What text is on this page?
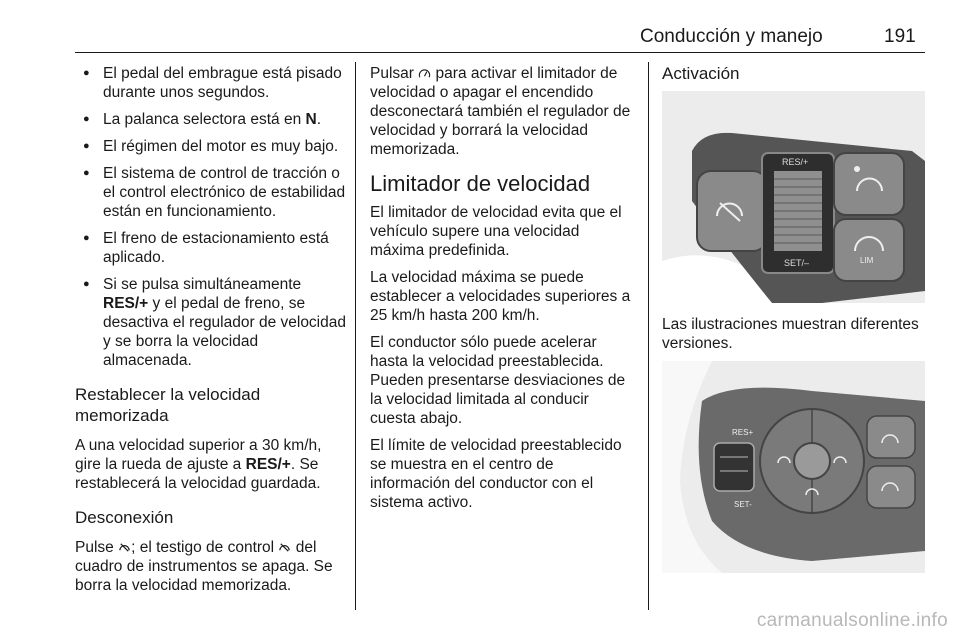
Conducción y manejo	191
● El pedal del embrague está pisado durante unos segundos.
● La palanca selectora está en N.
● El régimen del motor es muy bajo.
● El sistema de control de tracción o el control electrónico de estabilidad están en funcionamiento.
● El freno de estacionamiento está aplicado.
● Si se pulsa simultáneamente RES/+ y el pedal de freno, se desactiva el regulador de velocidad y se borra la velocidad almacenada.
Restablecer la velocidad memorizada

A una velocidad superior a 30 km/h, gire la rueda de ajuste a RES/+. Se restablecerá la velocidad guardada.

Desconexión

Pulse ; el testigo de control  del cuadro de instrumentos se apaga. Se borra la velocidad memorizada.

Pulsar  para activar el limitador de velocidad o apagar el encendido desconectará también el regulador de velocidad y borrará la velocidad memorizada.

Limitador de velocidad

El limitador de velocidad evita que el vehículo supere una velocidad máxima predefinida.

La velocidad máxima se puede establecer a velocidades superiores a 25 km/h hasta 200 km/h.

El conductor sólo puede acelerar hasta la velocidad preestablecida. Pueden presentarse desviaciones de la velocidad limitada al conducir cuesta abajo.

El límite de velocidad preestablecido se muestra en el centro de información del conductor con el sistema activo.

Activación
RES/+
SET/–	LIM

Las ilustraciones muestran diferentes versiones.

RES+
SET-
carmanualsonline.info
